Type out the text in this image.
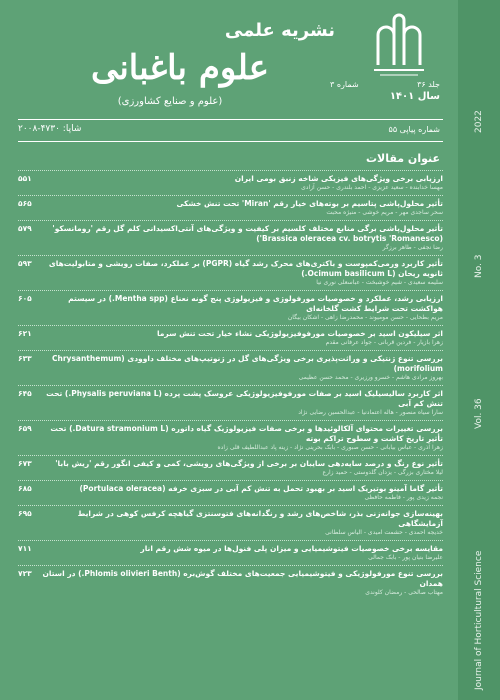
Journal of Horticultural Science
Vol. 36
No. 3
2022
نشریه علمی
علوم باغبانی
(علوم و صنایع کشاورزی)
جلد ۳۶
شماره ۳
سال ۱۴۰۱
شماره پیاپی ۵۵
شاپا: ۴۷۳۰-۲۰۰۸
عنوان مقالات
ارزیابی برخی ویژگی‌های فیزیکی شاخه‌ زنبق بومی ایران
۵۵۱
مهسا خدابنده - سعید عزیزی - احمد بلندری - حسن آزادی
تأثیر محلول‌پاشی پتاسیم بر بوته‌های خیار رقم 'Miran' تحت تنش خشکی
۵۶۵
سحر ساجدی مهر - مریم خوشی - منیژه محبت
تأثیر محلول‌پاشی برگی منابع مختلف کلسیم بر کیفیت و ویژگی‌های آنتی‌اکسیدانی کلم گل رقم 'رومانسکو' (Brassica oleracea cv. botrytis 'Romanesco')
۵۷۹
رضا نجفی - طاهر برزگر
تأثیر کاربرد ورمی‌کمپوست و باکتری‌های محرک رشد گیاه (PGPR) بر عملکرد، صفات رویشی و متابولیت‌های ثانویه ریحان (Ocimum basilicum L.)
۵۹۳
سلیمه سعیدی - شیم خوشبخت - عباسعلی نوری نیا
ارزیابی رشد، عملکرد و خصوصیات مورفولوژی و فیزیولوژی پنج گونه نعناع (Mentha spp.) در سیستم هواکشت تحت شرایط کشت گلخانه‌ای
۶۰۵
مریم بطحایی - حسن مومیوند - محمدرضا زاهی - اشکان بیگان
اثر سیلیکون اسید بر خصوصیات مورفوفیزیولوژیکی نشاء خیار تحت تنش سرما
۶۲۱
زهرا بازیار - فردین قربانی - جواد عرفانی مقدم
بررسی تنوع ژنتیکی و وراثت‌پذیری برخی ویژگی‌های گل در ژنوتیپ‌های مختلف داوودی (Chrysanthemum morifolium)
۶۳۳
بهروز مرادی هاشم - خسرو ورزیری - محمد حسن عظیمی
اثر کاربرد سالیسیلیک اسید بر صفات مورفوفیزیولوژیکی عروسک پشت پرده (Physalis peruviana L.) تحت تنش کم آبی
۶۴۵
سارا سیاه منصور - هاله اعتمادنیا - عبدالحسین رضایی نژاد
بررسی تغییرات محتوای آلکالوئیدها و برخی صفات فیزیولوژیک گیاه داتوره (Datura stramonium L.) تحت تأثیر تاریخ کاشت و سطوح تراکم بوته
۶۵۹
زهرا آذری - عباس بیابانی - حسن صبوری - بابک بحرینی نژاد - زینه پاد عبداللطیف قلی زاده
تأثیر نوع رنگ و درصد سایه‌دهی سایبان بر برخی از ویژگی‌های رویشی، کمی و کیفی انگور رقم 'ریش بابا'
۶۷۳
لیلا مختاری بزرگی - یزدان گلدوستی - حمید زارع
تأثیر گاما آمینو بوتیریک اسید بر بهبود تحمل به تنش کم آبی در سبزی خرفه (Portulaca oleracea)
۶۸۵
نجمه زیدی پور - فاطمه حافظی
بهینه‌سازی جوانه‌زنی بذر، شاخص‌های رشد و رنگدانه‌های فتوسنتزی گیاهچه کرفس کوهی در شرایط آزمایشگاهی
۶۹۵
خدیجه احمدی - حشمت امیدی - الیاس سلطانی
مقایسه برخی خصوصیات فیتوشیمیایی و میزان پلی فنول‌ها در میوه شش رقم انار
۷۱۱
علیرضا بنیان پور - بابک جمالی
بررسی تنوع مورفولوژیکی و فیتوشیمیایی جمعیت‌های مختلف گوش‌بره (Phlomis olivieri Benth.) در استان همدان
۷۲۳
مهتاب صالحی - رمضان کلوندی
